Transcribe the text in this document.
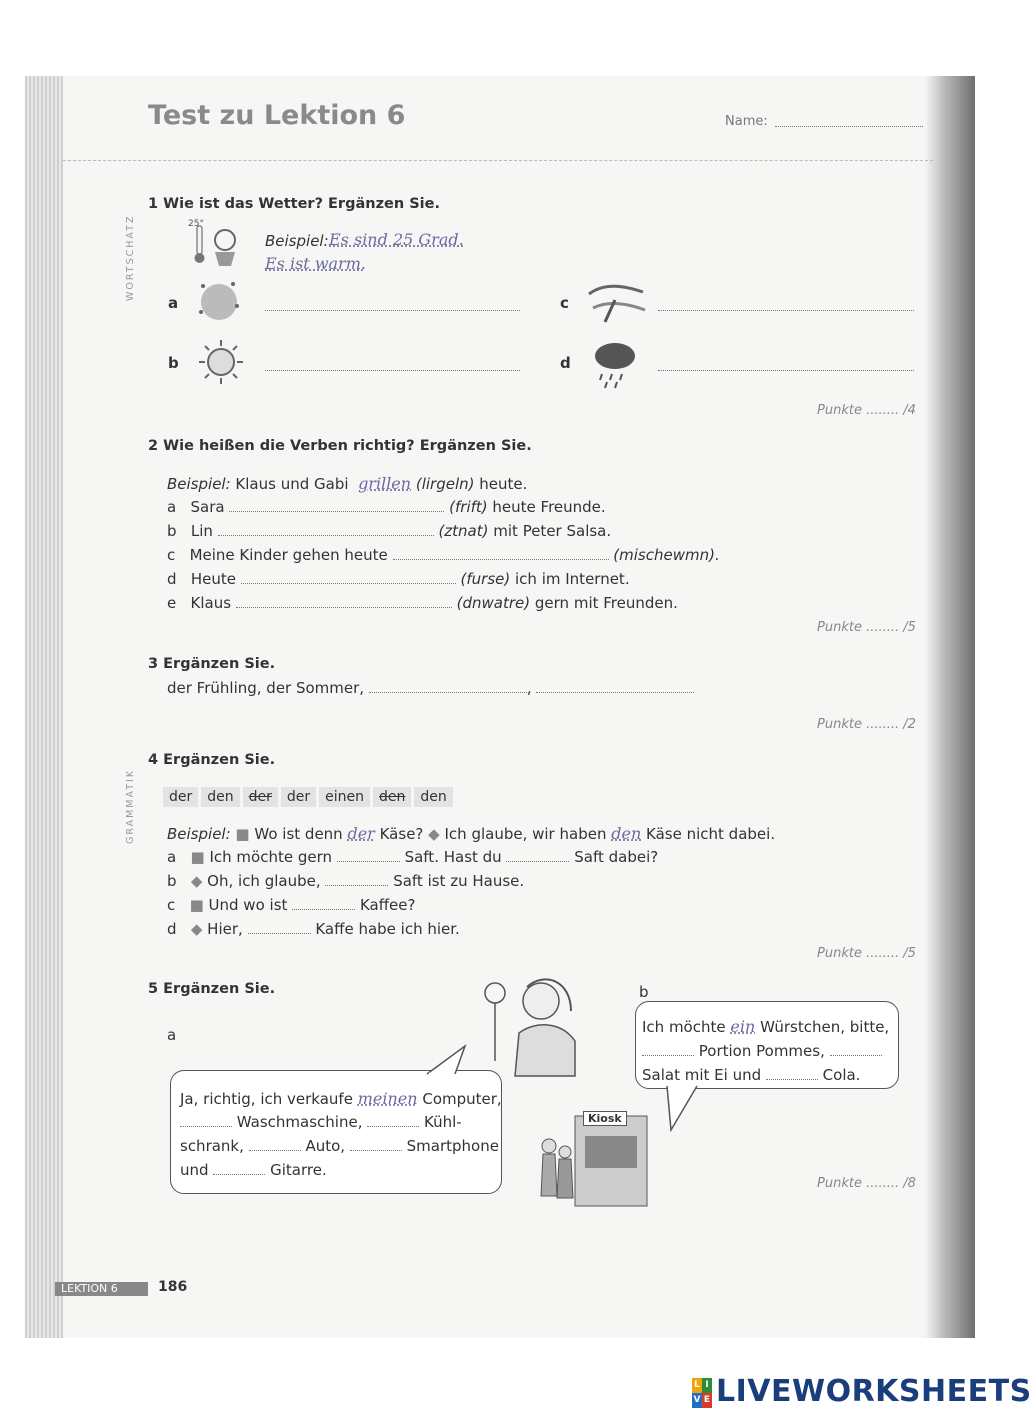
Test zu Lektion 6	Name:
WORTSCHATZ
GRAMMATIK
1 Wie ist das Wetter? Ergänzen Sie.
25°
Beispiel: Es sind 25 Grad.
Es ist warm.
a	c
b	d
Punkte ........ /4
2 Wie heißen die Verben richtig? Ergänzen Sie.
Beispiel: Klaus und Gabi grillen (lirgeln) heute.
a Sara	(frift) heute Freunde.
b Lin	(ztnat) mit Peter Salsa.
c Meine Kinder gehen heute	(mischewmn).
d Heute	(furse) ich im Internet.
e Klaus	(dnwatre) gern mit Freunden.
Punkte ........ /5
3 Ergänzen Sie.
der Frühling, der Sommer,	,
Punkte ........ /2
4 Ergänzen Sie.
der den der der einen den den
Beispiel: ■ Wo ist denn der Käse? ◆ Ich glaube, wir haben den Käse nicht dabei.
a ■ Ich möchte gern	Saft. Hast du	Saft dabei?
b ◆ Oh, ich glaube,	Saft ist zu Hause.
c ■ Und wo ist	Kaffee?
d ◆ Hier,	Kaffe habe ich hier.
Punkte ........ /5
5 Ergänzen Sie.
a
b
Ja, richtig, ich verkaufe meinen Computer,
Waschmaschine,	Kühl-
schrank,	Auto,	Smartphone
und	Gitarre.
Ich möchte ein Würstchen, bitte,
Portion Pommes,
Salat mit Ei und	Cola.
Kiosk
Punkte ........ /8
LEKTION 6	186
L I
V E LIVEWORKSHEETS
